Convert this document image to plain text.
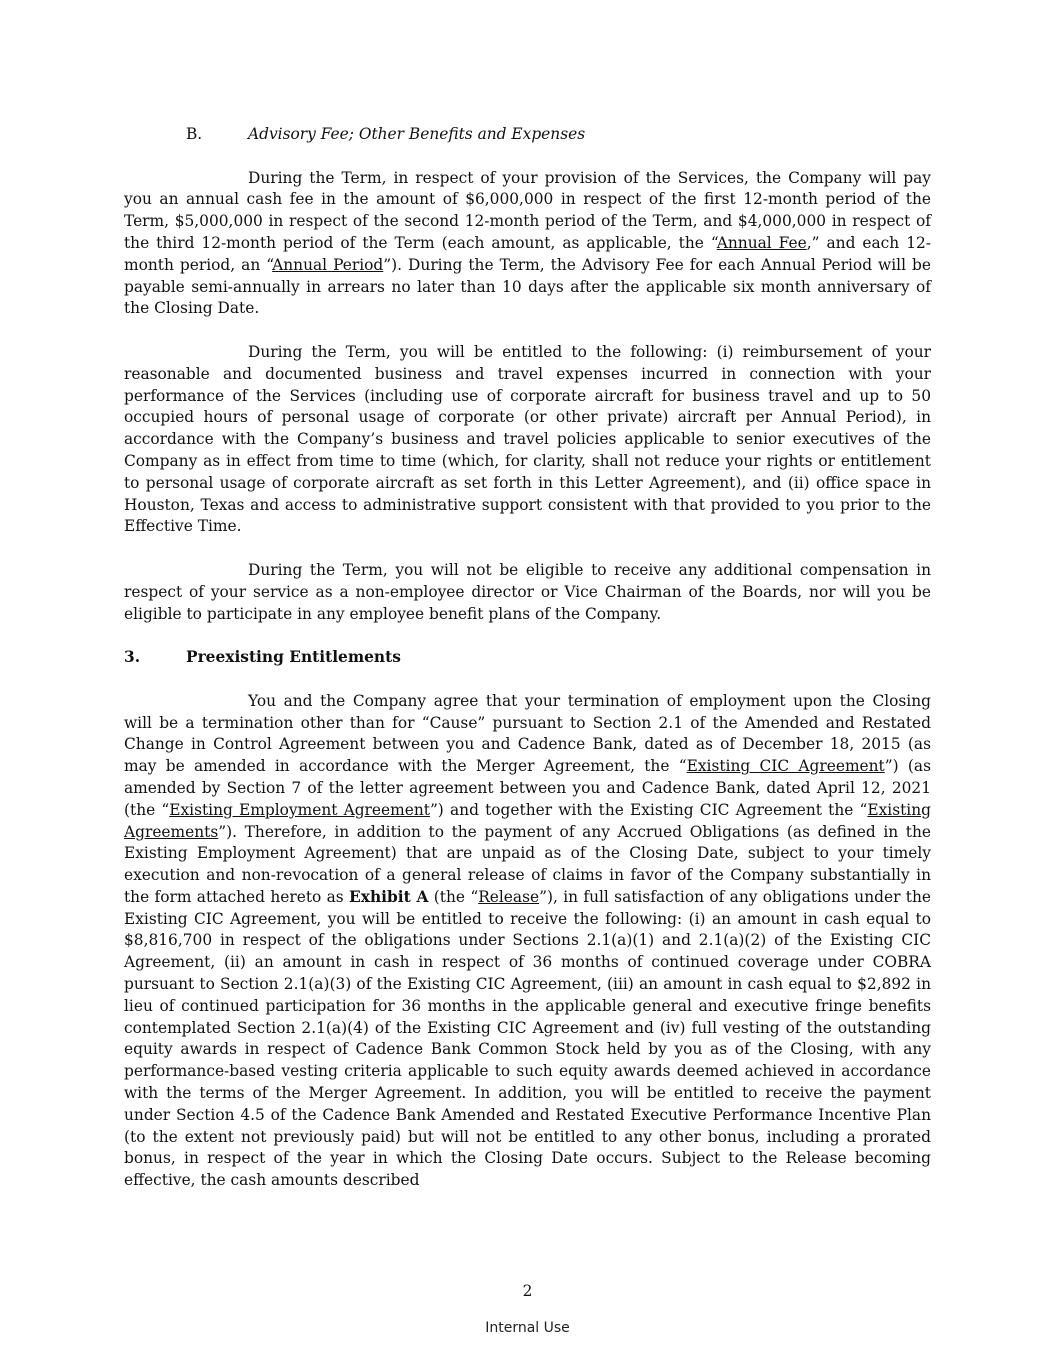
B.	Advisory Fee; Other Benefits and Expenses

During the Term, in respect of your provision of the Services, the Company will pay you an annual cash fee in the amount of $6,000,000 in respect of the first 12-month period of the Term, $5,000,000 in respect of the second 12-month period of the Term, and $4,000,000 in respect of the third 12-month period of the Term (each amount, as applicable, the “Annual Fee,” and each 12-month period, an “Annual Period”). During the Term, the Advisory Fee for each Annual Period will be payable semi-annually in arrears no later than 10 days after the applicable six month anniversary of the Closing Date.

During the Term, you will be entitled to the following: (i) reimbursement of your reasonable and documented business and travel expenses incurred in connection with your performance of the Services (including use of corporate aircraft for business travel and up to 50 occupied hours of personal usage of corporate (or other private) aircraft per Annual Period), in accordance with the Company’s business and travel policies applicable to senior executives of the Company as in effect from time to time (which, for clarity, shall not reduce your rights or entitlement to personal usage of corporate aircraft as set forth in this Letter Agreement), and (ii) office space in Houston, Texas and access to administrative support consistent with that provided to you prior to the Effective Time.

During the Term, you will not be eligible to receive any additional compensation in respect of your service as a non-employee director or Vice Chairman of the Boards, nor will you be eligible to participate in any employee benefit plans of the Company.

3.	Preexisting Entitlements

You and the Company agree that your termination of employment upon the Closing will be a termination other than for “Cause” pursuant to Section 2.1 of the Amended and Restated Change in Control Agreement between you and Cadence Bank, dated as of December 18, 2015 (as may be amended in accordance with the Merger Agreement, the “Existing CIC Agreement”) (as amended by Section 7 of the letter agreement between you and Cadence Bank, dated April 12, 2021 (the “Existing Employment Agreement”) and together with the Existing CIC Agreement the “Existing Agreements”). Therefore, in addition to the payment of any Accrued Obligations (as defined in the Existing Employment Agreement) that are unpaid as of the Closing Date, subject to your timely execution and non-revocation of a general release of claims in favor of the Company substantially in the form attached hereto as Exhibit A (the “Release”), in full satisfaction of any obligations under the Existing CIC Agreement, you will be entitled to receive the following: (i) an amount in cash equal to $8,816,700 in respect of the obligations under Sections 2.1(a)(1) and 2.1(a)(2) of the Existing CIC Agreement, (ii) an amount in cash in respect of 36 months of continued coverage under COBRA pursuant to Section 2.1(a)(3) of the Existing CIC Agreement, (iii) an amount in cash equal to $2,892 in lieu of continued participation for 36 months in the applicable general and executive fringe benefits contemplated Section 2.1(a)(4) of the Existing CIC Agreement and (iv) full vesting of the outstanding equity awards in respect of Cadence Bank Common Stock held by you as of the Closing, with any performance-based vesting criteria applicable to such equity awards deemed achieved in accordance with the terms of the Merger Agreement. In addition, you will be entitled to receive the payment under Section 4.5 of the Cadence Bank Amended and Restated Executive Performance Incentive Plan (to the extent not previously paid) but will not be entitled to any other bonus, including a prorated bonus, in respect of the year in which the Closing Date occurs. Subject to the Release becoming effective, the cash amounts described

2
Internal Use
